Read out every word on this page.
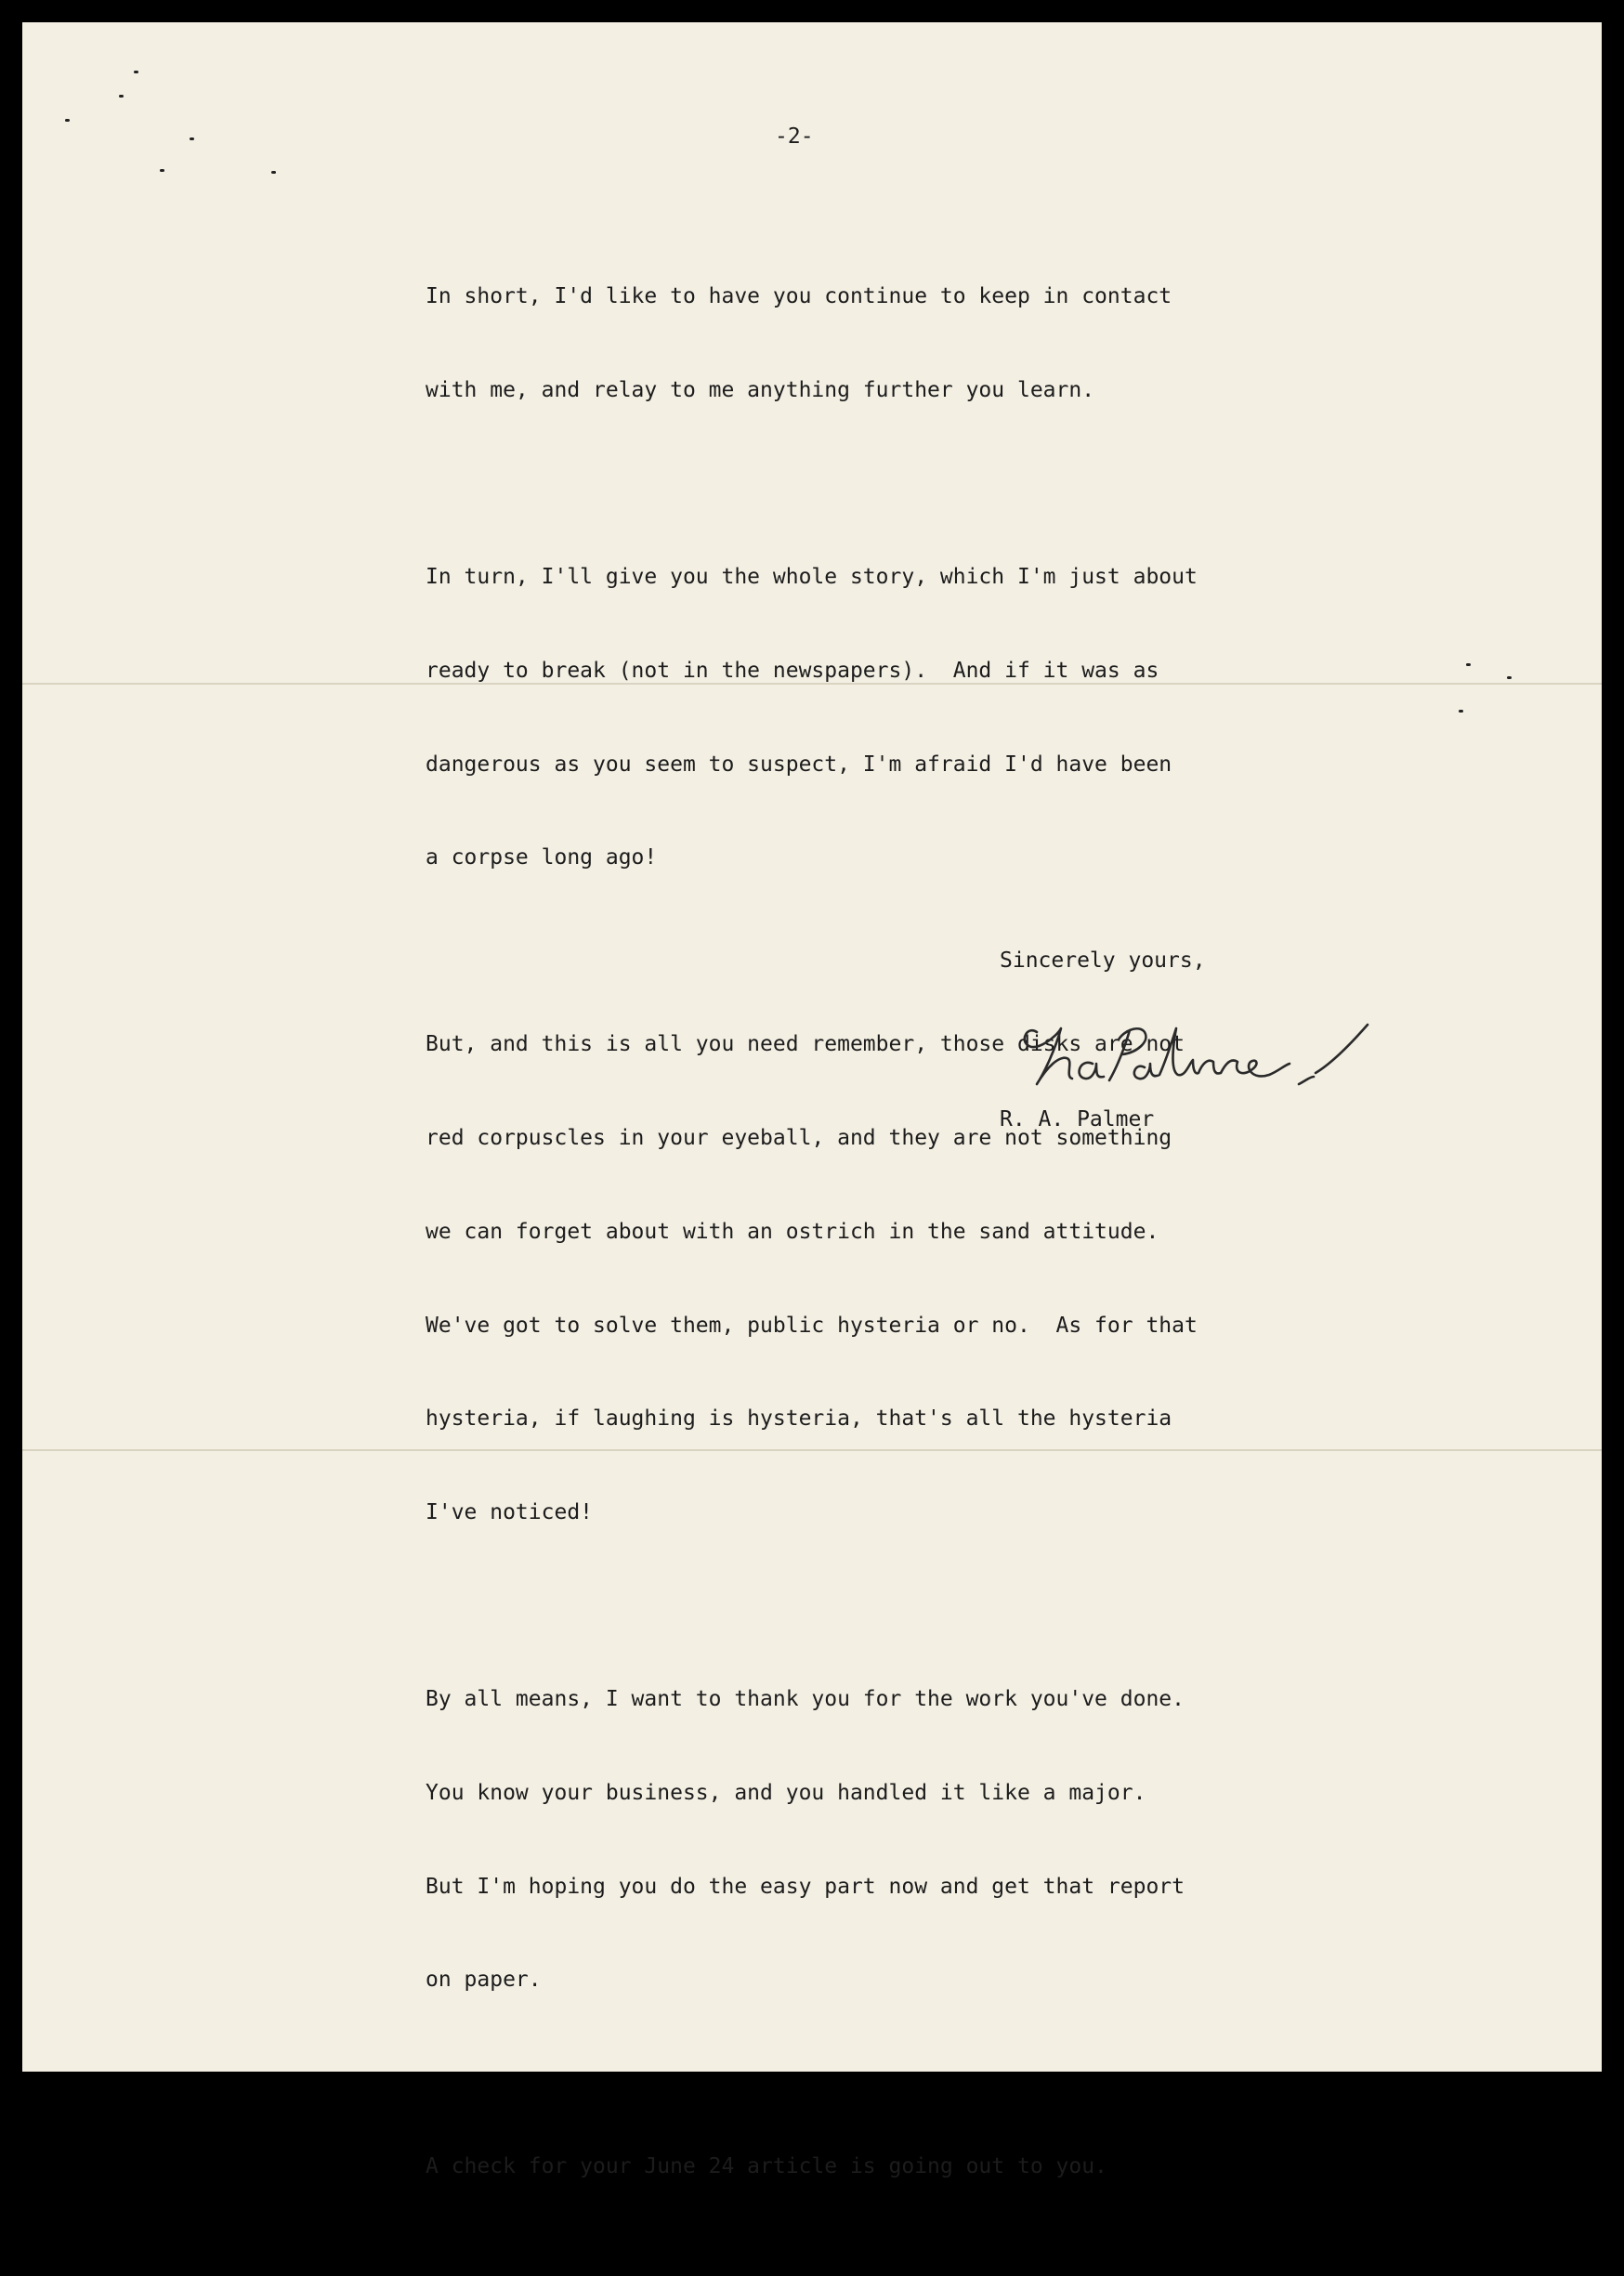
-2-

In short, I'd like to have you continue to keep in contact

with me, and relay to me anything further you learn.

In turn, I'll give you the whole story, which I'm just about

ready to break (not in the newspapers).  And if it was as

dangerous as you seem to suspect, I'm afraid I'd have been

a corpse long ago!

But, and this is all you need remember, those disks are not

red corpuscles in your eyeball, and they are not something

we can forget about with an ostrich in the sand attitude.

We've got to solve them, public hysteria or no.  As for that

hysteria, if laughing is hysteria, that's all the hysteria

I've noticed!

By all means, I want to thank you for the work you've done.

You know your business, and you handled it like a major.

But I'm hoping you do the easy part now and get that report

on paper.

A check for your June 24 article is going out to you.

Sincerely yours,
R. A. Palmer
